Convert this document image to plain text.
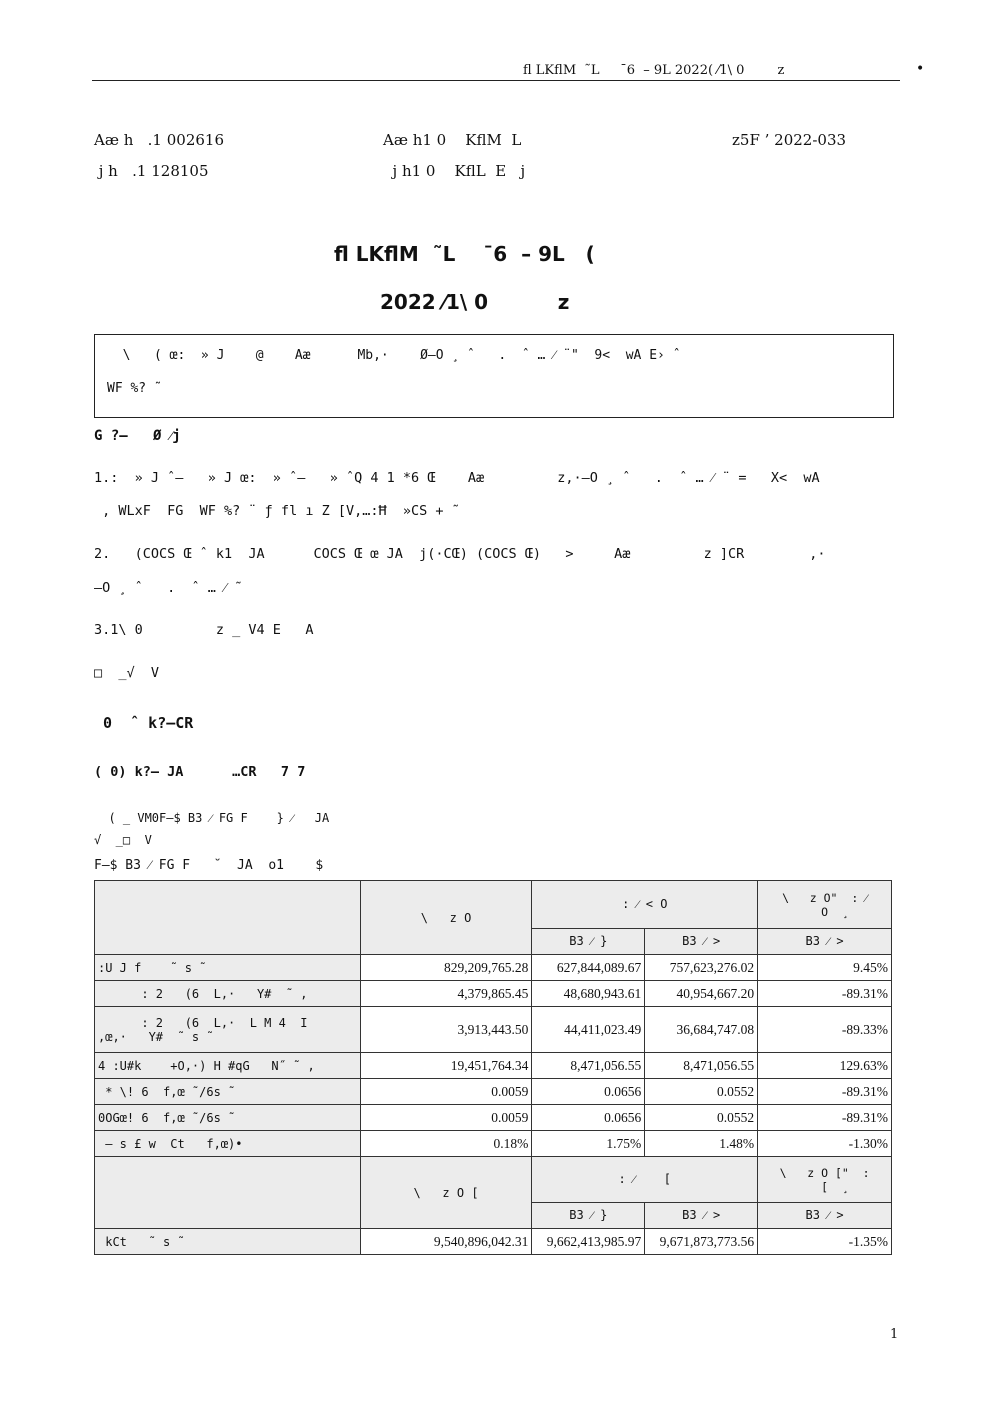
fl LKflM  ˜L     ˉ6  – 9L 2022( ⁄1\ 0        z	•
Aæ h   .1 002616	Aæ h1 0    KflM  L	z5F ’ 2022-033
j h   .1 128105	j h1 0    KflL  E   j
fl LKflM  ˜L    ˉ6  – 9L   (
2022 ⁄1\ 0          z
\   ( œ:  » J    @    Aæ      Mb,·    Ø–O ¸ ˆ   .  ˆ … ⁄ ¨"  9<  wA E› ˆ
WF %? ˜
G ?–   Ø ⁄j
1.:  » J ˆ–   » J œ:  » ˆ–   » ˆQ 4 1 *6 Œ    Aæ         z,·–O ¸ ˆ   .  ˆ … ⁄ ¨ =   X<  wA
, WLxF  FG  WF %? ¨ ƒ fl ı Z [V,…:Ħ  »CS + ˜
2.   (COCS Œ ˆ k1  JA      COCS Œ œ JA  j(·CŒ) (COCS Œ)   >     Aæ         z ]CR        ,·
–O ¸ ˆ   .  ˆ … ⁄ ˜
3.1\ 0         z _ V4 E   A
□  _√  V
0  ˆ k?–CR
( 0) k?– JA      …CR   7 7
( _ VM0F–$ B3 ⁄ FG F    } ⁄   JA
√  _□  V
F–$ B3 ⁄ FG F   ˘  JA  o1    $
	\   z O	: ⁄ < O		\   z O"  : ⁄
O  ¸
		B3 ⁄ }	B3 ⁄ >	B3 ⁄ >
:U J f    ˜ s ˜	829,209,765.28	627,844,089.67	757,623,276.02	9.45%
: 2   (6  L,·   Y#  ˜ ,	4,379,865.45	48,680,943.61	40,954,667.20	-89.31%
: 2   (6  L,·  L M 4  I
,œ,·   Y#  ˜ s ˜	3,913,443.50	44,411,023.49	36,684,747.08	-89.33%
4 :U#k    +O,·) H #qG   N˝ ˜ ,	19,451,764.34	8,471,056.55	8,471,056.55	129.63%
* \! 6  f,œ ˜/6s ˜	0.0059	0.0656	0.0552	-89.31%
0OGœ! 6  f,œ ˜/6s ˜	0.0059	0.0656	0.0552	-89.31%
– s £ w  Ct   f,œ)•	0.18%	1.75%	1.48%	-1.30%
	\   z O [	: ⁄    [		\   z O ["  :
[  ¸
		B3 ⁄ }	B3 ⁄ >	B3 ⁄ >
kCt   ˜ s ˜	9,540,896,042.31	9,662,413,985.97	9,671,873,773.56	-1.35%
1
